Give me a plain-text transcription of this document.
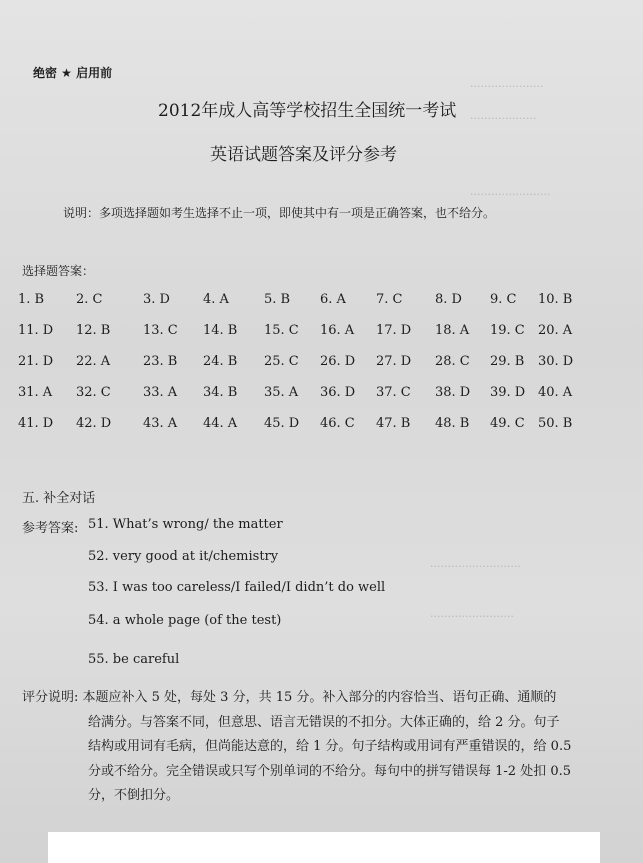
·····················
···················
·······················
··························
························
绝密 ★ 启用前
2012年成人高等学校招生全国统一考试
英语试题答案及评分参考
说明：多项选择题如考生选择不止一项，即使其中有一项是正确答案，也不给分。
选择题答案：
1. B 2. C	3. D	4. A	5. B 6. A 7. C	8. D 9. C 10. B
11. D 12. B	13. C 14. B 15. C 16. A 17. D 18. A 19. C 20. A
21. D 22. A	23. B 24. B 25. C 26. D 27. D 28. C 29. B 30. D
31. A 32. C 33. A 34. B 35. A 36. D 37. C 38. D 39. D 40. A
41. D 42. D 43. A 44. A 45. D 46. C 47. B 48. B 49. C 50. B
五. 补全对话
参考答案: 51. What’s wrong/ the matter
52. very good at it/chemistry
53. I was too careless/I failed/I didn’t do well
54. a whole page (of the test)
55. be careful

评分说明: 本题应补入 5 处，每处 3 分，共 15 分。补入部分的内容恰当、语句正确、通顺的

给满分。与答案不同，但意思、语言无错误的不扣分。大体正确的，给 2 分。句子

结构或用词有毛病，但尚能达意的，给 1 分。句子结构或用词有严重错误的，给 0.5

分或不给分。完全错误或只写个别单词的不给分。每句中的拼写错误每 1-2 处扣 0.5

分，不倒扣分。
